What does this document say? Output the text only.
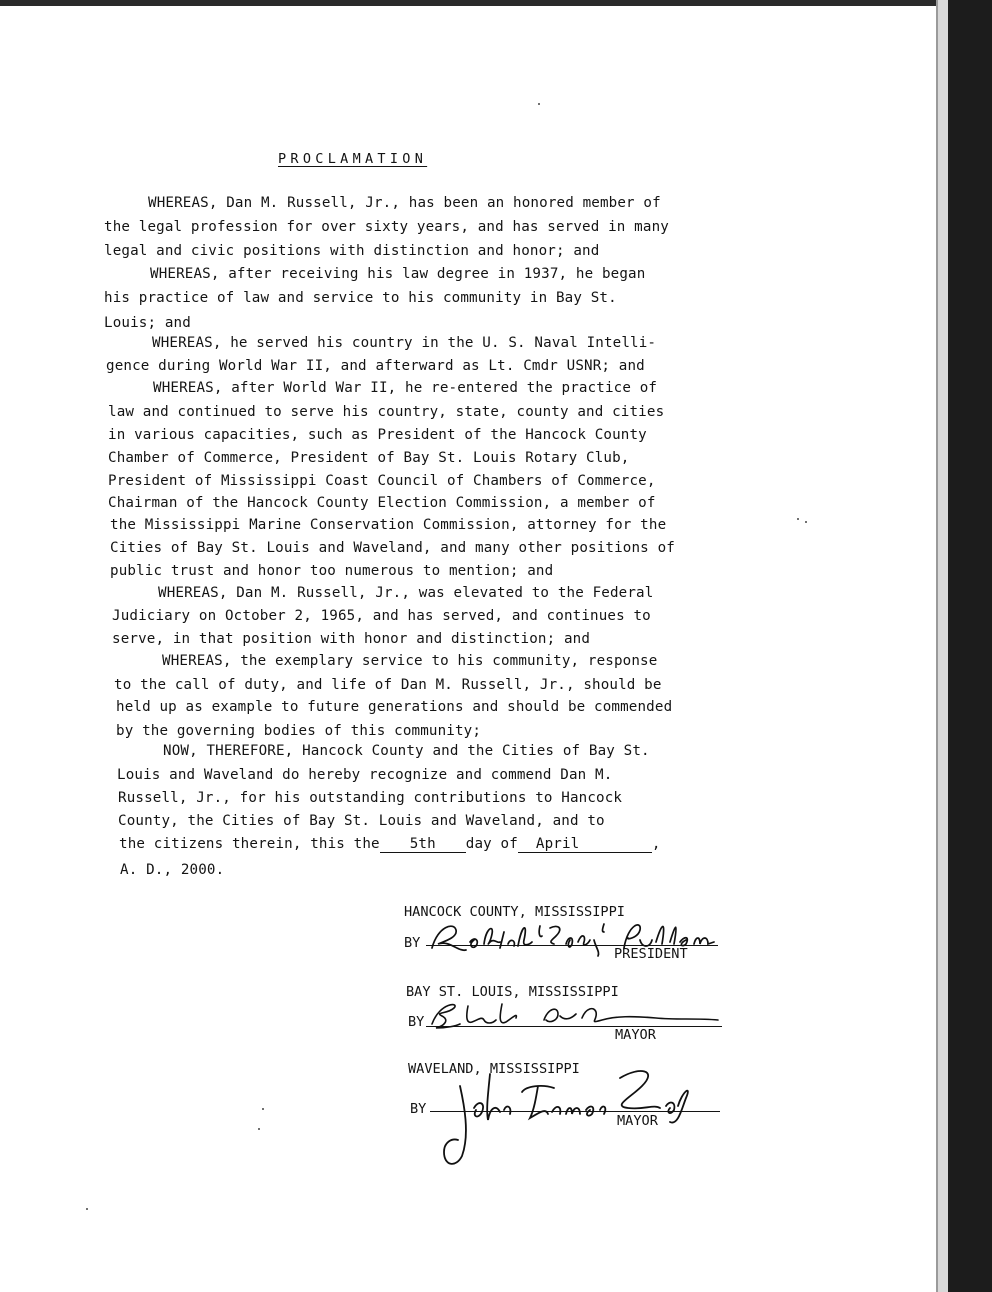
PROCLAMATION
WHEREAS, Dan M. Russell, Jr., has been an honored member of
the legal profession for over sixty years, and has served in many
legal and civic positions with distinction and honor; and
WHEREAS, after receiving his law degree in 1937, he began
his practice of law and service to his community in Bay St.
Louis; and
WHEREAS, he served his country in the U. S. Naval Intelli-
gence during World War II, and afterward as Lt. Cmdr USNR; and
WHEREAS, after World War II, he re-entered the practice of
law and continued to serve his country, state, county and cities
in various capacities, such as President of the Hancock County
Chamber of Commerce, President of Bay St. Louis Rotary Club,
President of Mississippi Coast Council of Chambers of Commerce,
Chairman of the Hancock County Election Commission, a member of
the Mississippi Marine Conservation Commission, attorney for the
Cities of Bay St. Louis and Waveland, and many other positions of
public trust and honor too numerous to mention; and
WHEREAS, Dan M. Russell, Jr., was elevated to the Federal
Judiciary on October 2, 1965, and has served, and continues to
serve, in that position with honor and distinction; and
WHEREAS, the exemplary service to his community, response
to the call of duty, and life of Dan M. Russell, Jr., should be
held up as example to future generations and should be commended
by the governing bodies of this community;
NOW, THEREFORE, Hancock County and the Cities of Bay St.
Louis and Waveland do hereby recognize and commend Dan M.
Russell, Jr., for his outstanding contributions to Hancock
County, the Cities of Bay St. Louis and Waveland, and to
the citizens therein, this the 5th day of April	,
A. D., 2000.
HANCOCK COUNTY, MISSISSIPPI
BY
PRESIDENT
BAY ST. LOUIS, MISSISSIPPI
BY
MAYOR
WAVELAND, MISSISSIPPI
BY
MAYOR
